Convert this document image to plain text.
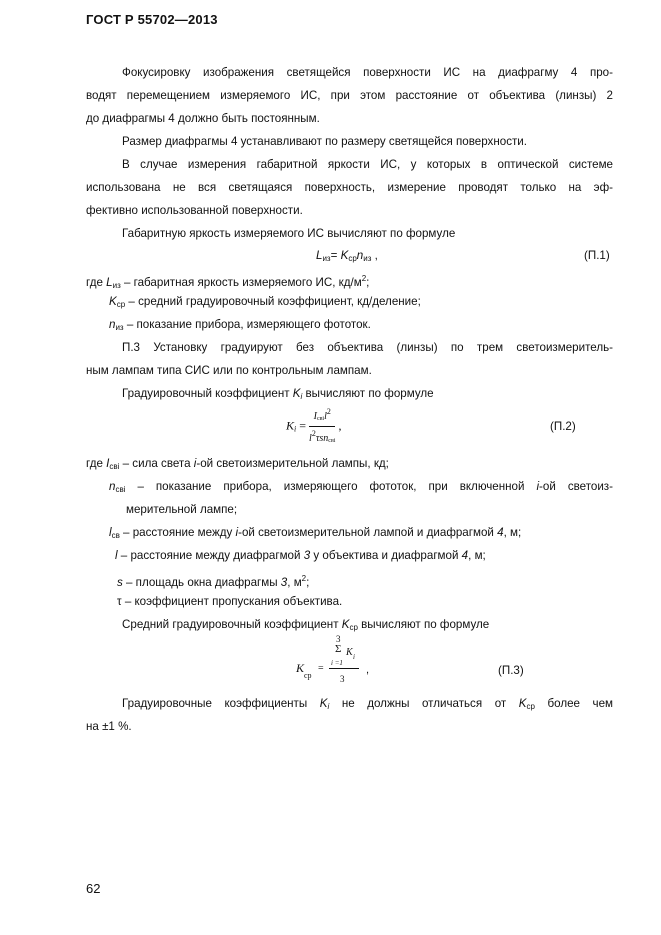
ГОСТ Р 55702—2013
Фокусировку изображения светящейся поверхности ИС на диафрагму 4 про-
водят перемещением измеряемого ИС, при этом расстояние от объектива (линзы) 2
до диафрагмы 4 должно быть постоянным.
Размер диафрагмы 4 устанавливают по размеру светящейся поверхности.
В случае измерения габаритной яркости ИС, у которых в оптической системе
использована не вся светящаяся поверхность, измерение проводят только на эф-
фективно использованной поверхности.
Габаритную яркость измеряемого ИС вычисляют по формуле
$L_{из}= K_{ср}n_{из}$ ,	(П.1)
где $L_{из}$ – габаритная яркость измеряемого ИС, $кд/м^2$;
$K_{ср}$ – средний градуировочный коэффициент, кд/деление;
$n_{из}$ – показание прибора, измеряющего фототок.
П.3 Установку градуируют без объектива (линзы) по трем светоизмеритель-
ным лампам типа СИС или по контрольным лампам.
Градуировочный коэффициент $K_i$ вычисляют по формуле
$K_i = \frac{Iсвil^2}{l^2\tau snсвi}$ ,	(П.2)
где $I_{свi}$ – сила света i-ой светоизмерительной лампы, кд;
$n_{свi}$ – показание прибора, измеряющего фототок, при включенной i-ой светоиз-
мерительной лампе;
$l_{св}$ – расстояние между i-ой светоизмерительной лампой и диафрагмой 4, м;
l – расстояние между диафрагмой 3 у объектива и диафрагмой 4, м;
s – площадь окна диафрагмы 3, $м^2$;
τ – коэффициент пропускания объектива.
Средний градуировочный коэффициент $K_{ср}$ вычисляют по формуле
K
ср
=
3
Σ K i
i =1
3
,	(П.3)
Градуировочные коэффициенты $K_i$ не должны отличаться от $K_{ср}$ более чем
на ±1 %.
62
